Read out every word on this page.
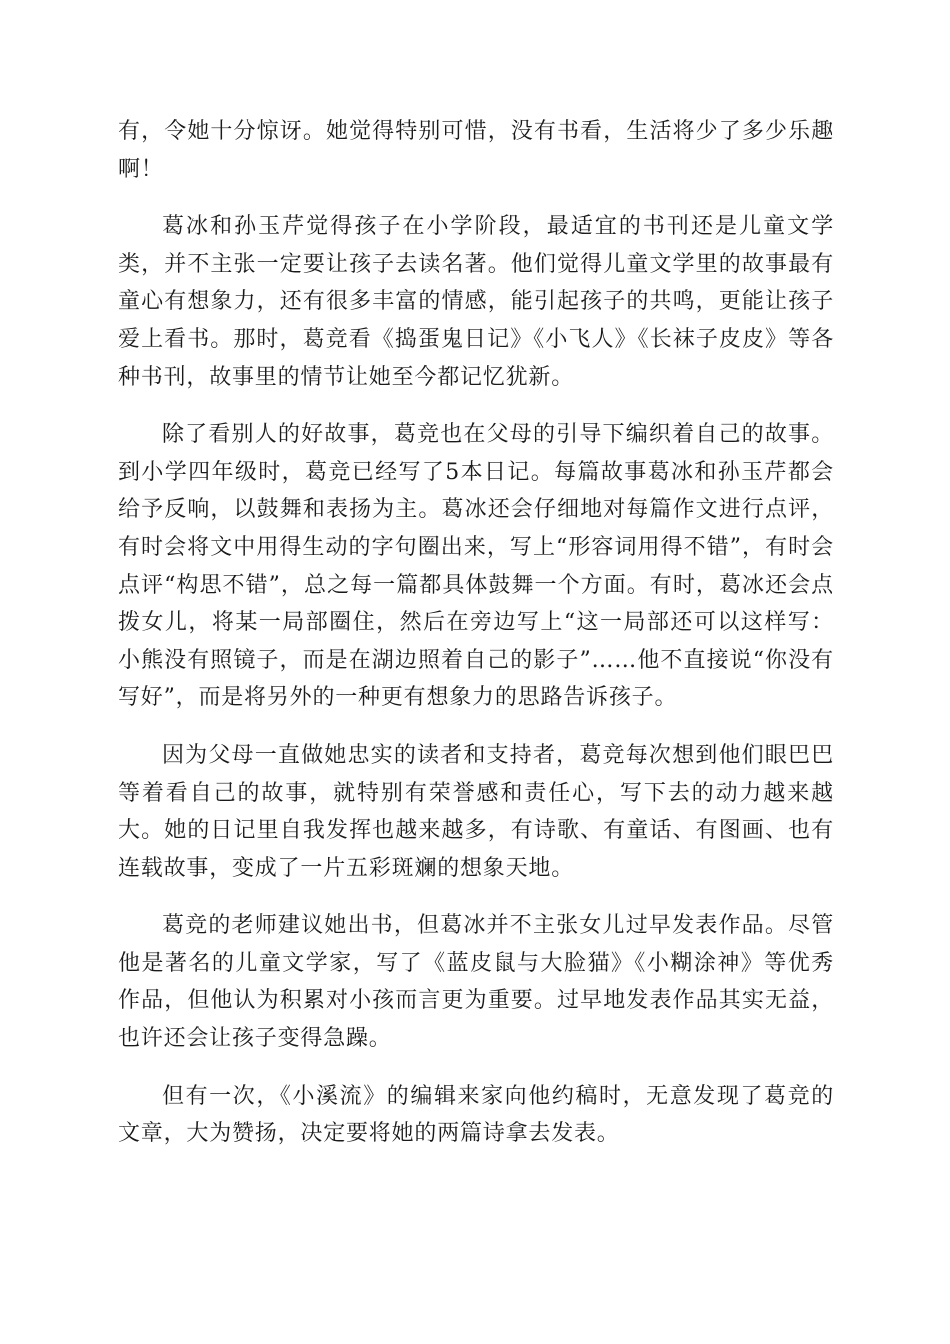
有，令她十分惊讶。她觉得特别可惜，没有书看，生活将少了多少乐趣啊！

葛冰和孙玉芹觉得孩子在小学阶段，最适宜的书刊还是儿童文学类，并不主张一定要让孩子去读名著。他们觉得儿童文学里的故事最有童心有想象力，还有很多丰富的情感，能引起孩子的共鸣，更能让孩子爱上看书。那时，葛竞看《捣蛋鬼日记》《小飞人》《长袜子皮皮》等各种书刊，故事里的情节让她至今都记忆犹新。

除了看别人的好故事，葛竞也在父母的引导下编织着自己的故事。到小学四年级时，葛竞已经写了5本日记。每篇故事葛冰和孙玉芹都会给予反响，以鼓舞和表扬为主。葛冰还会仔细地对每篇作文进行点评，有时会将文中用得生动的字句圈出来，写上“形容词用得不错”，有时会点评“构思不错”，总之每一篇都具体鼓舞一个方面。有时，葛冰还会点拨女儿，将某一局部圈住，然后在旁边写上“这一局部还可以这样写：小熊没有照镜子，而是在湖边照着自己的影子”……他不直接说“你没有写好”，而是将另外的一种更有想象力的思路告诉孩子。

因为父母一直做她忠实的读者和支持者，葛竞每次想到他们眼巴巴等着看自己的故事，就特别有荣誉感和责任心，写下去的动力越来越大。她的日记里自我发挥也越来越多，有诗歌、有童话、有图画、也有连载故事，变成了一片五彩斑斓的想象天地。

葛竞的老师建议她出书，但葛冰并不主张女儿过早发表作品。尽管他是著名的儿童文学家，写了《蓝皮鼠与大脸猫》《小糊涂神》等优秀作品，但他认为积累对小孩而言更为重要。过早地发表作品其实无益，也许还会让孩子变得急躁。

但有一次，《小溪流》的编辑来家向他约稿时，无意发现了葛竞的文章，大为赞扬，决定要将她的两篇诗拿去发表。
